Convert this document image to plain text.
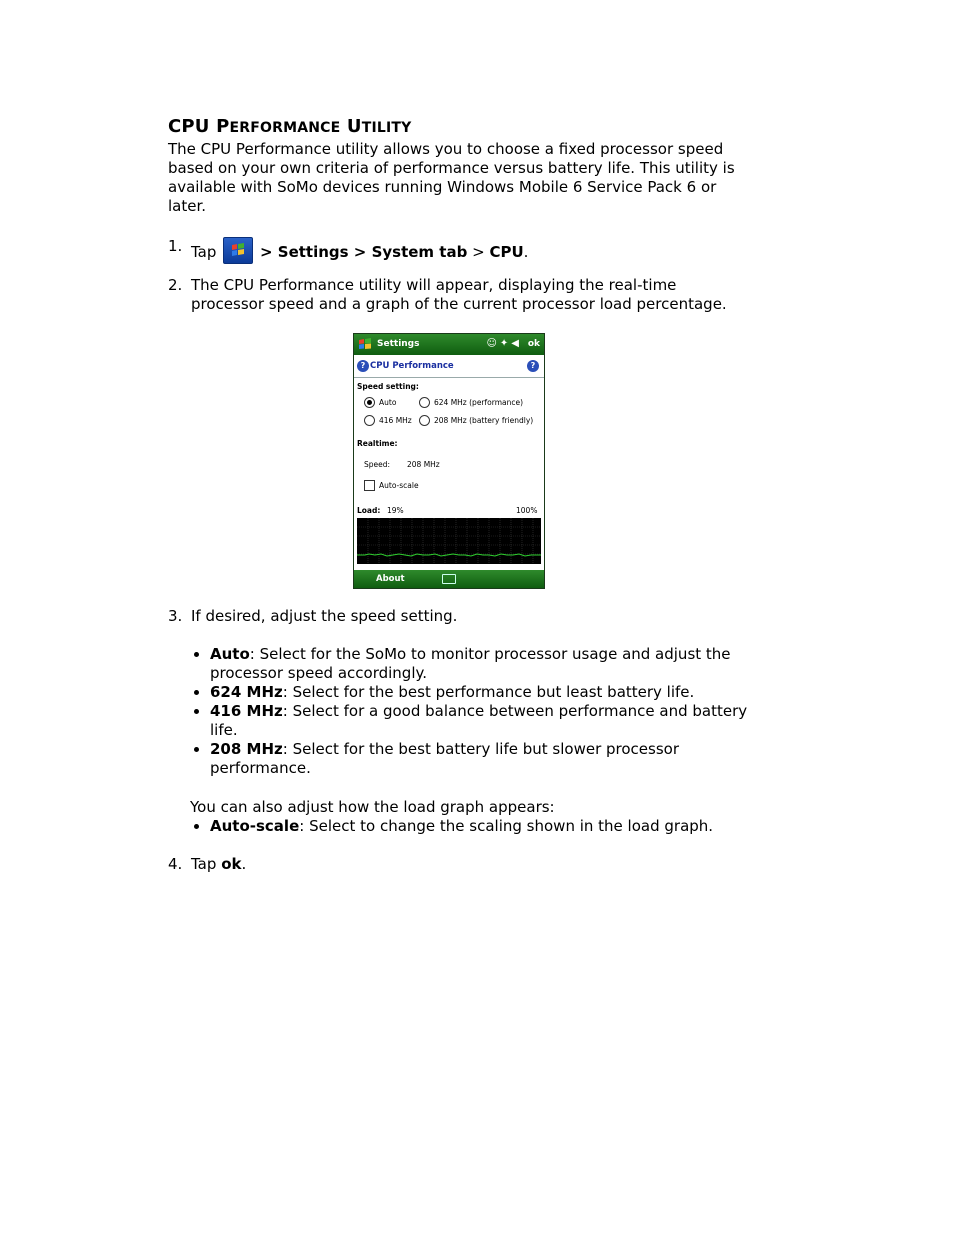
CPU PERFORMANCE UTILITY

The CPU Performance utility allows you to choose a fixed processor speed based on your own criteria of performance versus battery life. This utility is available with SoMo devices running Windows Mobile 6 Service Pack 6 or later.

1. Tap	> Settings > System tab > CPU.
2. The CPU Performance utility will appear, displaying the real-time processor speed and a graph of the current processor load percentage.
Settings	☺✦◀ ok
? CPU Performance	?
Speed setting:
Auto	624 MHz (performance)
416 MHz	208 MHz (battery friendly)
Realtime:
Speed: 208 MHz
Auto-scale
Load: 19%	100%
About
3. If desired, adjust the speed setting.
• Auto: Select for the SoMo to monitor processor usage and adjust the processor speed accordingly.
• 624 MHz: Select for the best performance but least battery life.
• 416 MHz: Select for a good balance between performance and battery life.
• 208 MHz: Select for the best battery life but slower processor performance.
You can also adjust how the load graph appears:
• Auto-scale: Select to change the scaling shown in the load graph.
4. Tap ok.
